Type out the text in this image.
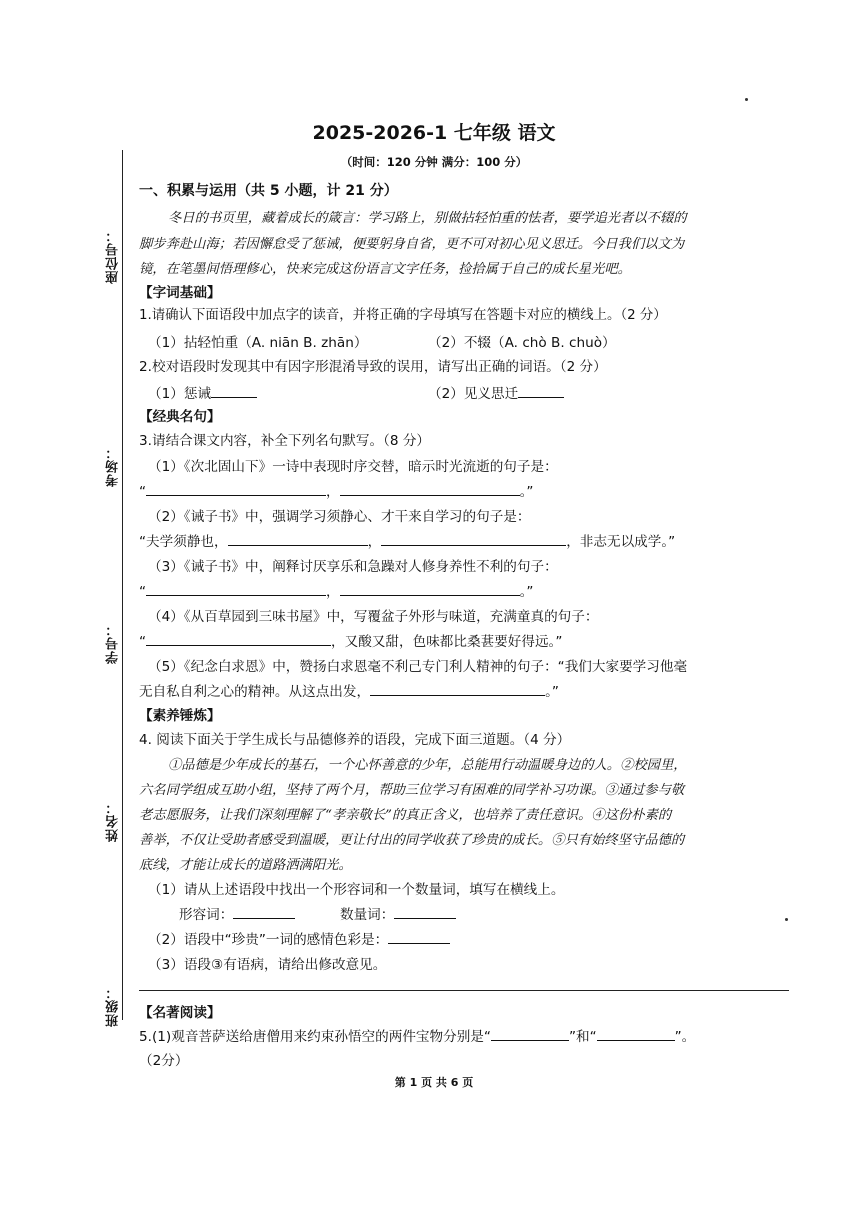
座位号：
考场：
学号：
姓名：
班级：
2025-2026-1 七年级 语文
（时间：120 分钟 满分：100 分）
一、积累与运用（共 5 小题，计 21 分）
冬日的书页里，藏着成长的箴言：学习路上，别做拈轻怕重的怯者，要学追光者以不辍的
脚步奔赴山海；若因懈怠受了惩诫，便要躬身自省，更不可对初心见义思迁。今日我们以文为
镜，在笔墨间悟理修心，快来完成这份语言文字任务，捡拾属于自己的成长星光吧。
【字词基础】
1.请确认下面语段中加点字的读音，并将正确的字母填写在答题卡对应的横线上。（2 分）
（1）拈轻怕重（A. niān B. zhān）	（2）不辍（A. chò B. chuò）
2.校对语段时发现其中有因字形混淆导致的误用，请写出正确的词语。（2 分）
（1）惩诫	（2）见义思迁
【经典名句】
3.请结合课文内容，补全下列名句默写。（8 分）
（1）《次北固山下》一诗中表现时序交替，暗示时光流逝的句子是：
“	，	。”
（2）《诫子书》中，强调学习须静心、才干来自学习的句子是：
“夫学须静也，	，	，非志无以成学。”
（3）《诫子书》中，阐释讨厌享乐和急躁对人修身养性不利的句子：
“	，	。”
（4）《从百草园到三味书屋》中，写覆盆子外形与味道，充满童真的句子：
“	，又酸又甜，色味都比桑葚要好得远。”
（5）《纪念白求恩》中，赞扬白求恩毫不利己专门利人精神的句子：“我们大家要学习他毫
无自私自利之心的精神。从这点出发，	。”
【素养锤炼】
4. 阅读下面关于学生成长与品德修养的语段，完成下面三道题。（4 分）
①品德是少年成长的基石，一个心怀善意的少年，总能用行动温暖身边的人。②校园里，
六名同学组成互助小组，坚持了两个月，帮助三位学习有困难的同学补习功课。③通过参与敬
老志愿服务，让我们深刻理解了“孝亲敬长”的真正含义，也培养了责任意识。④这份朴素的
善举，不仅让受助者感受到温暖，更让付出的同学收获了珍贵的成长。⑤只有始终坚守品德的
底线，才能让成长的道路洒满阳光。
（1）请从上述语段中找出一个形容词和一个数量词，填写在横线上。
形容词：	数量词：
（2）语段中“珍贵”一词的感情色彩是：
（3）语段③有语病，请给出修改意见。
【名著阅读】
5.(1)观音菩萨送给唐僧用来约束孙悟空的两件宝物分别是“	”和“	”。
（2分）
第 1 页 共 6 页
